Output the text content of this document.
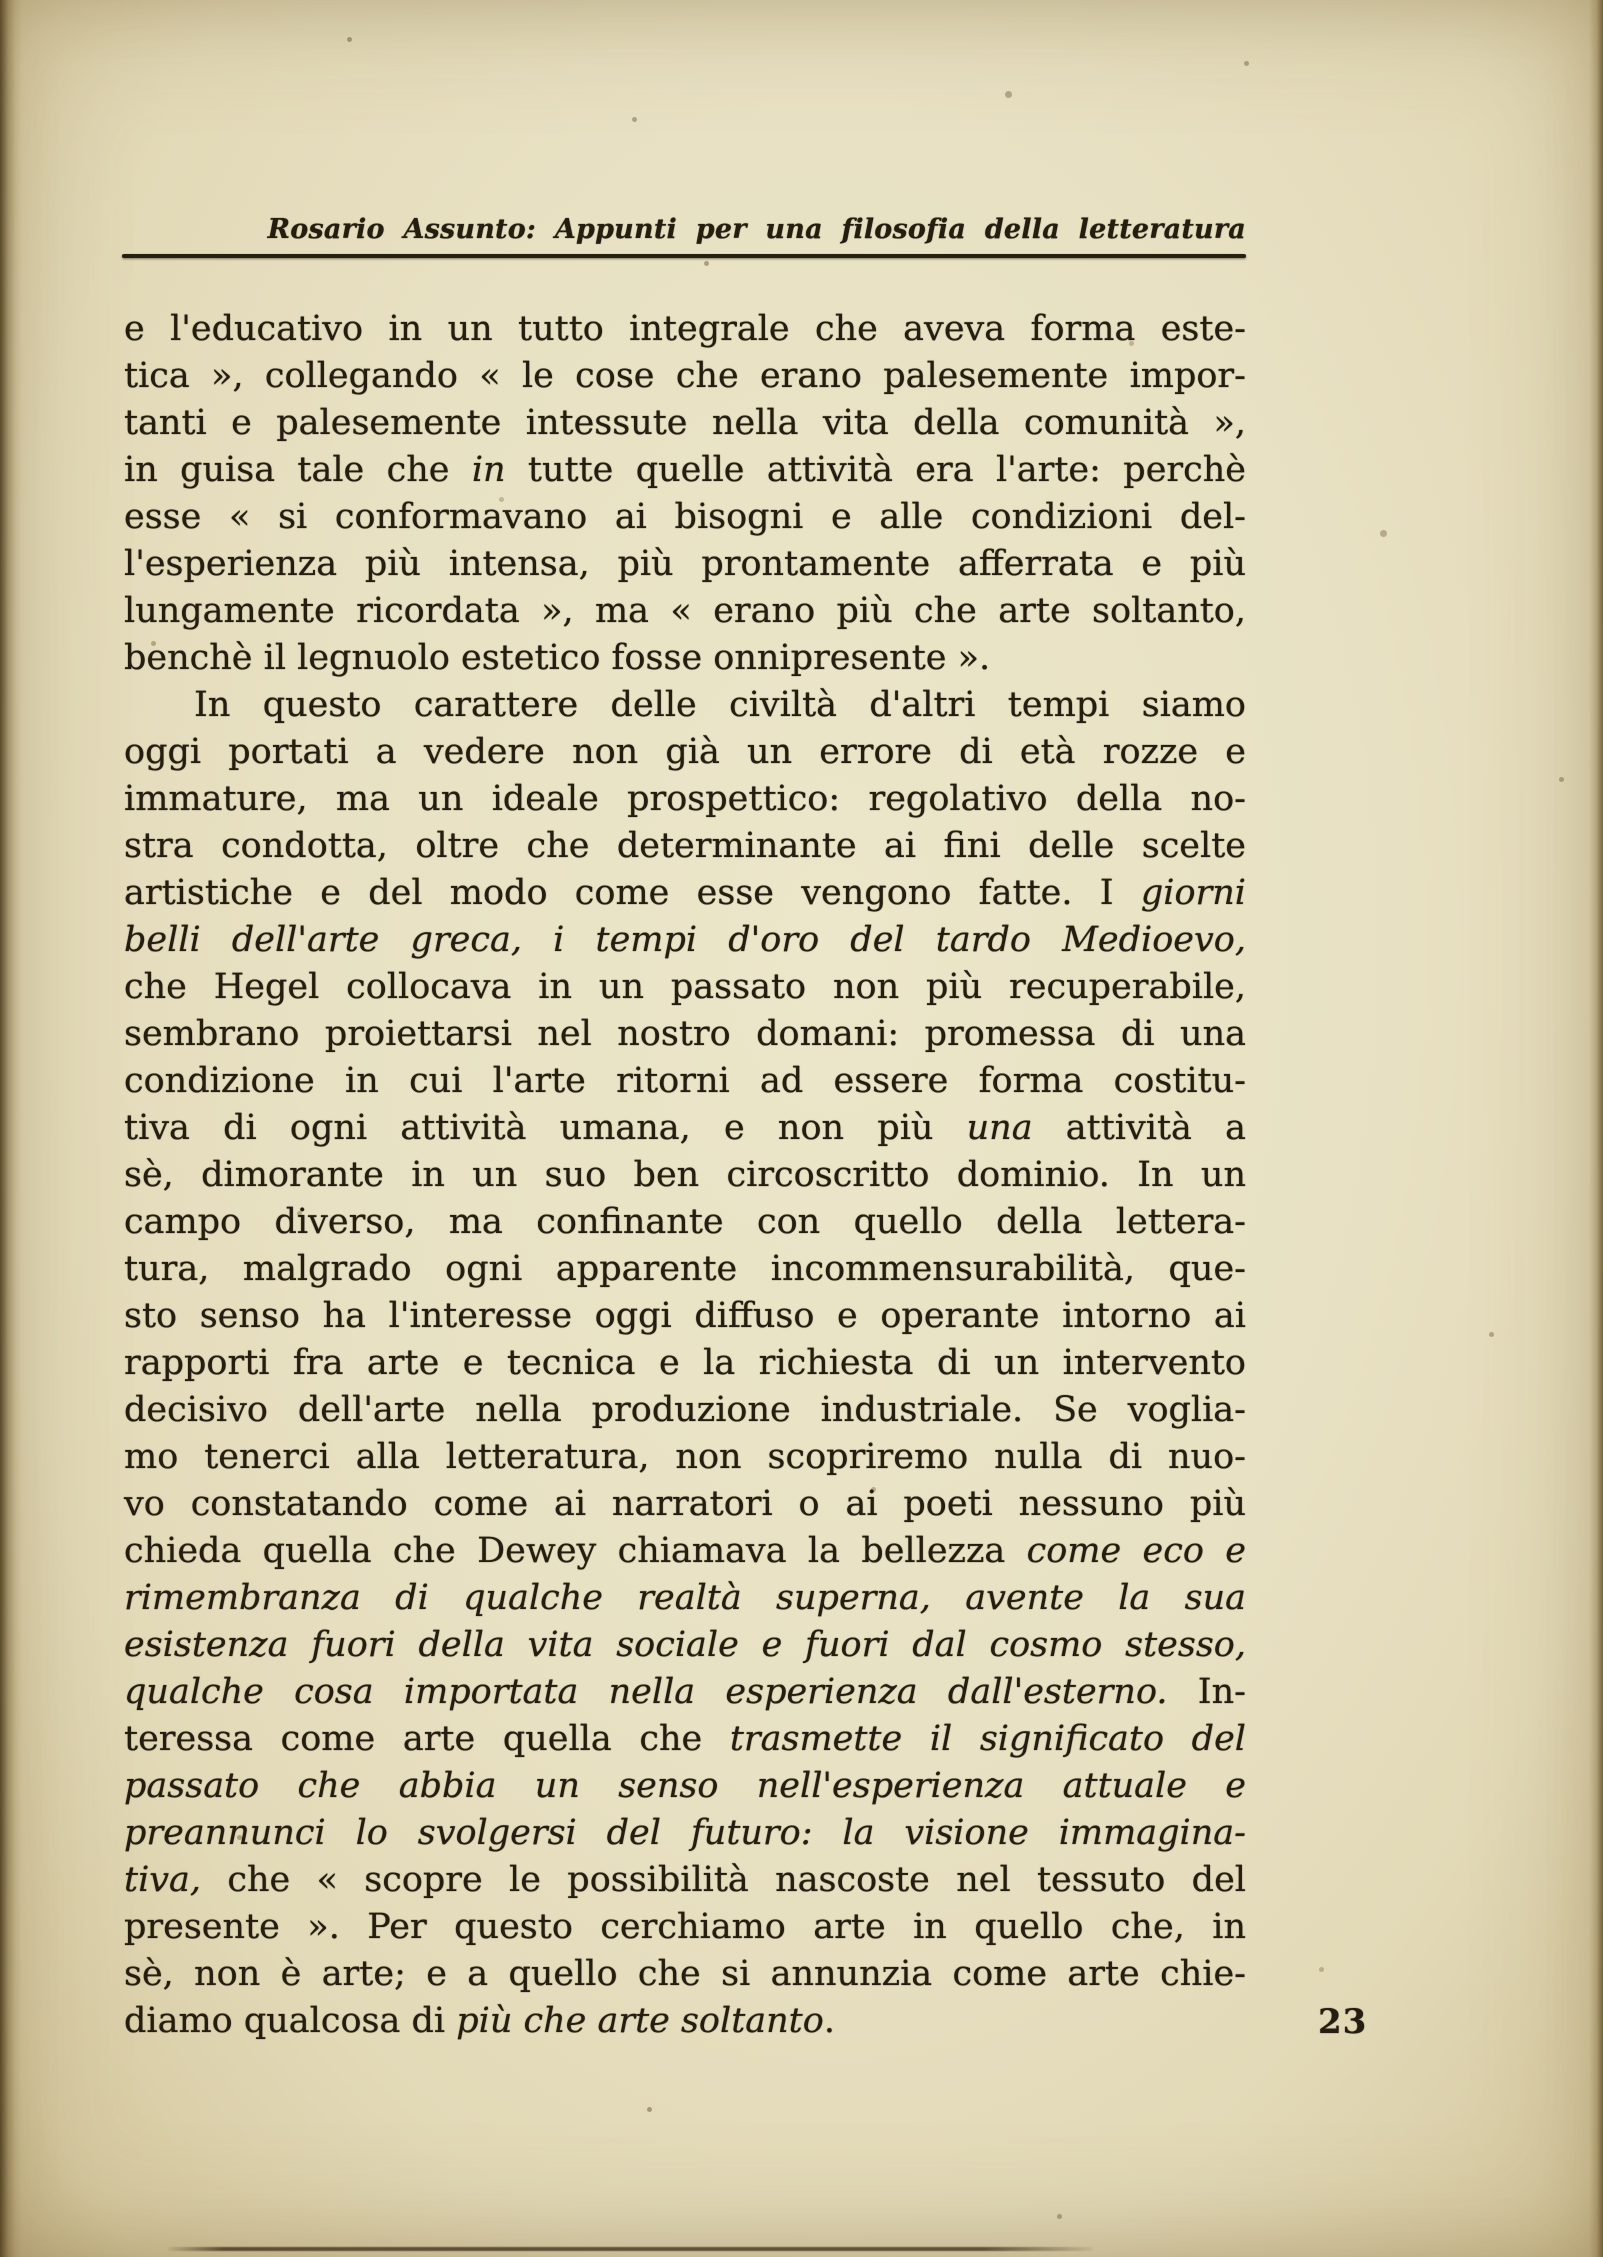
Rosario Assunto: Appunti per una filosofia della letteratura
e l'educativo in un tutto integrale che aveva forma este-
tica », collegando « le cose che erano palesemente impor-
tanti e palesemente intessute nella vita della comunità »,
in guisa tale che in tutte quelle attività era l'arte: perchè
esse « si conformavano ai bisogni e alle condizioni del-
l'esperienza più intensa, più prontamente afferrata e più
lungamente ricordata », ma « erano più che arte soltanto,
benchè il legnuolo estetico fosse onnipresente ».
In questo carattere delle civiltà d'altri tempi siamo
oggi portati a vedere non già un errore di età rozze e
immature, ma un ideale prospettico: regolativo della no-
stra condotta, oltre che determinante ai fini delle scelte
artistiche e del modo come esse vengono fatte. I giorni
belli dell'arte greca, i tempi d'oro del tardo Medioevo,
che Hegel collocava in un passato non più recuperabile,
sembrano proiettarsi nel nostro domani: promessa di una
condizione in cui l'arte ritorni ad essere forma costitu-
tiva di ogni attività umana, e non più una attività a
sè, dimorante in un suo ben circoscritto dominio. In un
campo diverso, ma confinante con quello della lettera-
tura, malgrado ogni apparente incommensurabilità, que-
sto senso ha l'interesse oggi diffuso e operante intorno ai
rapporti fra arte e tecnica e la richiesta di un intervento
decisivo dell'arte nella produzione industriale. Se voglia-
mo tenerci alla letteratura, non scopriremo nulla di nuo-
vo constatando come ai narratori o ai poeti nessuno più
chieda quella che Dewey chiamava la bellezza come eco e
rimembranza di qualche realtà superna, avente la sua
esistenza fuori della vita sociale e fuori dal cosmo stesso,
qualche cosa importata nella esperienza dall'esterno. In-
teressa come arte quella che trasmette il significato del
passato che abbia un senso nell'esperienza attuale e
preannunci lo svolgersi del futuro: la visione immagina-
tiva, che « scopre le possibilità nascoste nel tessuto del
presente ». Per questo cerchiamo arte in quello che, in
sè, non è arte; e a quello che si annunzia come arte chie-
diamo qualcosa di più che arte soltanto.	23
